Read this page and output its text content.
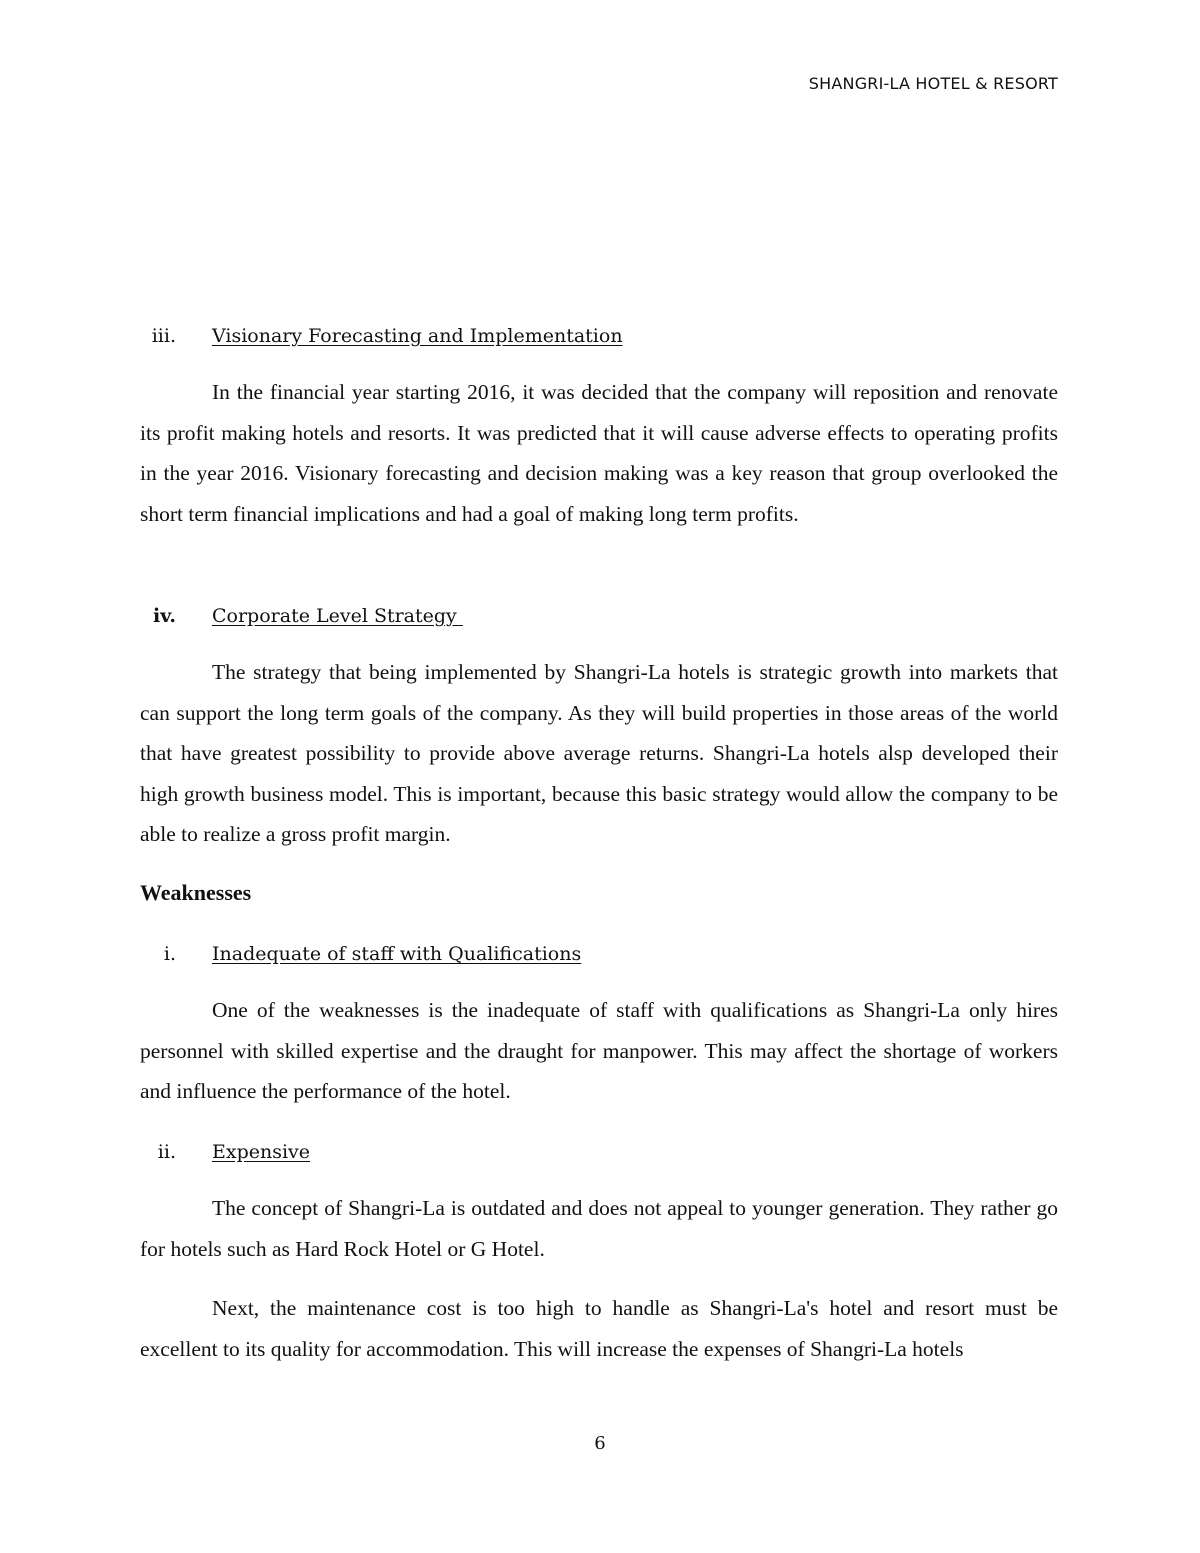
SHANGRI-LA HOTEL & RESORT
iii. Visionary Forecasting and Implementation

In the financial year starting 2016, it was decided that the company will reposition and renovate its profit making hotels and resorts. It was predicted that it will cause adverse effects to operating profits in the year 2016. Visionary forecasting and decision making was a key reason that group overlooked the short term financial implications and had a goal of making long term profits.

iv. Corporate Level Strategy

The strategy that being implemented by Shangri-La hotels is strategic growth into markets that can support the long term goals of the company. As they will build properties in those areas of the world that have greatest possibility to provide above average returns. Shangri-La hotels alsp developed their high growth business model. This is important, because this basic strategy would allow the company to be able to realize a gross profit margin.

Weaknesses
i. Inadequate of staff with Qualifications

One of the weaknesses is the inadequate of staff with qualifications as Shangri-La only hires personnel with skilled expertise and the draught for manpower. This may affect the shortage of workers and influence the performance of the hotel.

ii. Expensive

The concept of Shangri-La is outdated and does not appeal to younger generation. They rather go for hotels such as Hard Rock Hotel or G Hotel.

Next, the maintenance cost is too high to handle as Shangri-La's hotel and resort must be excellent to its quality for accommodation. This will increase the expenses of Shangri-La hotels

6
